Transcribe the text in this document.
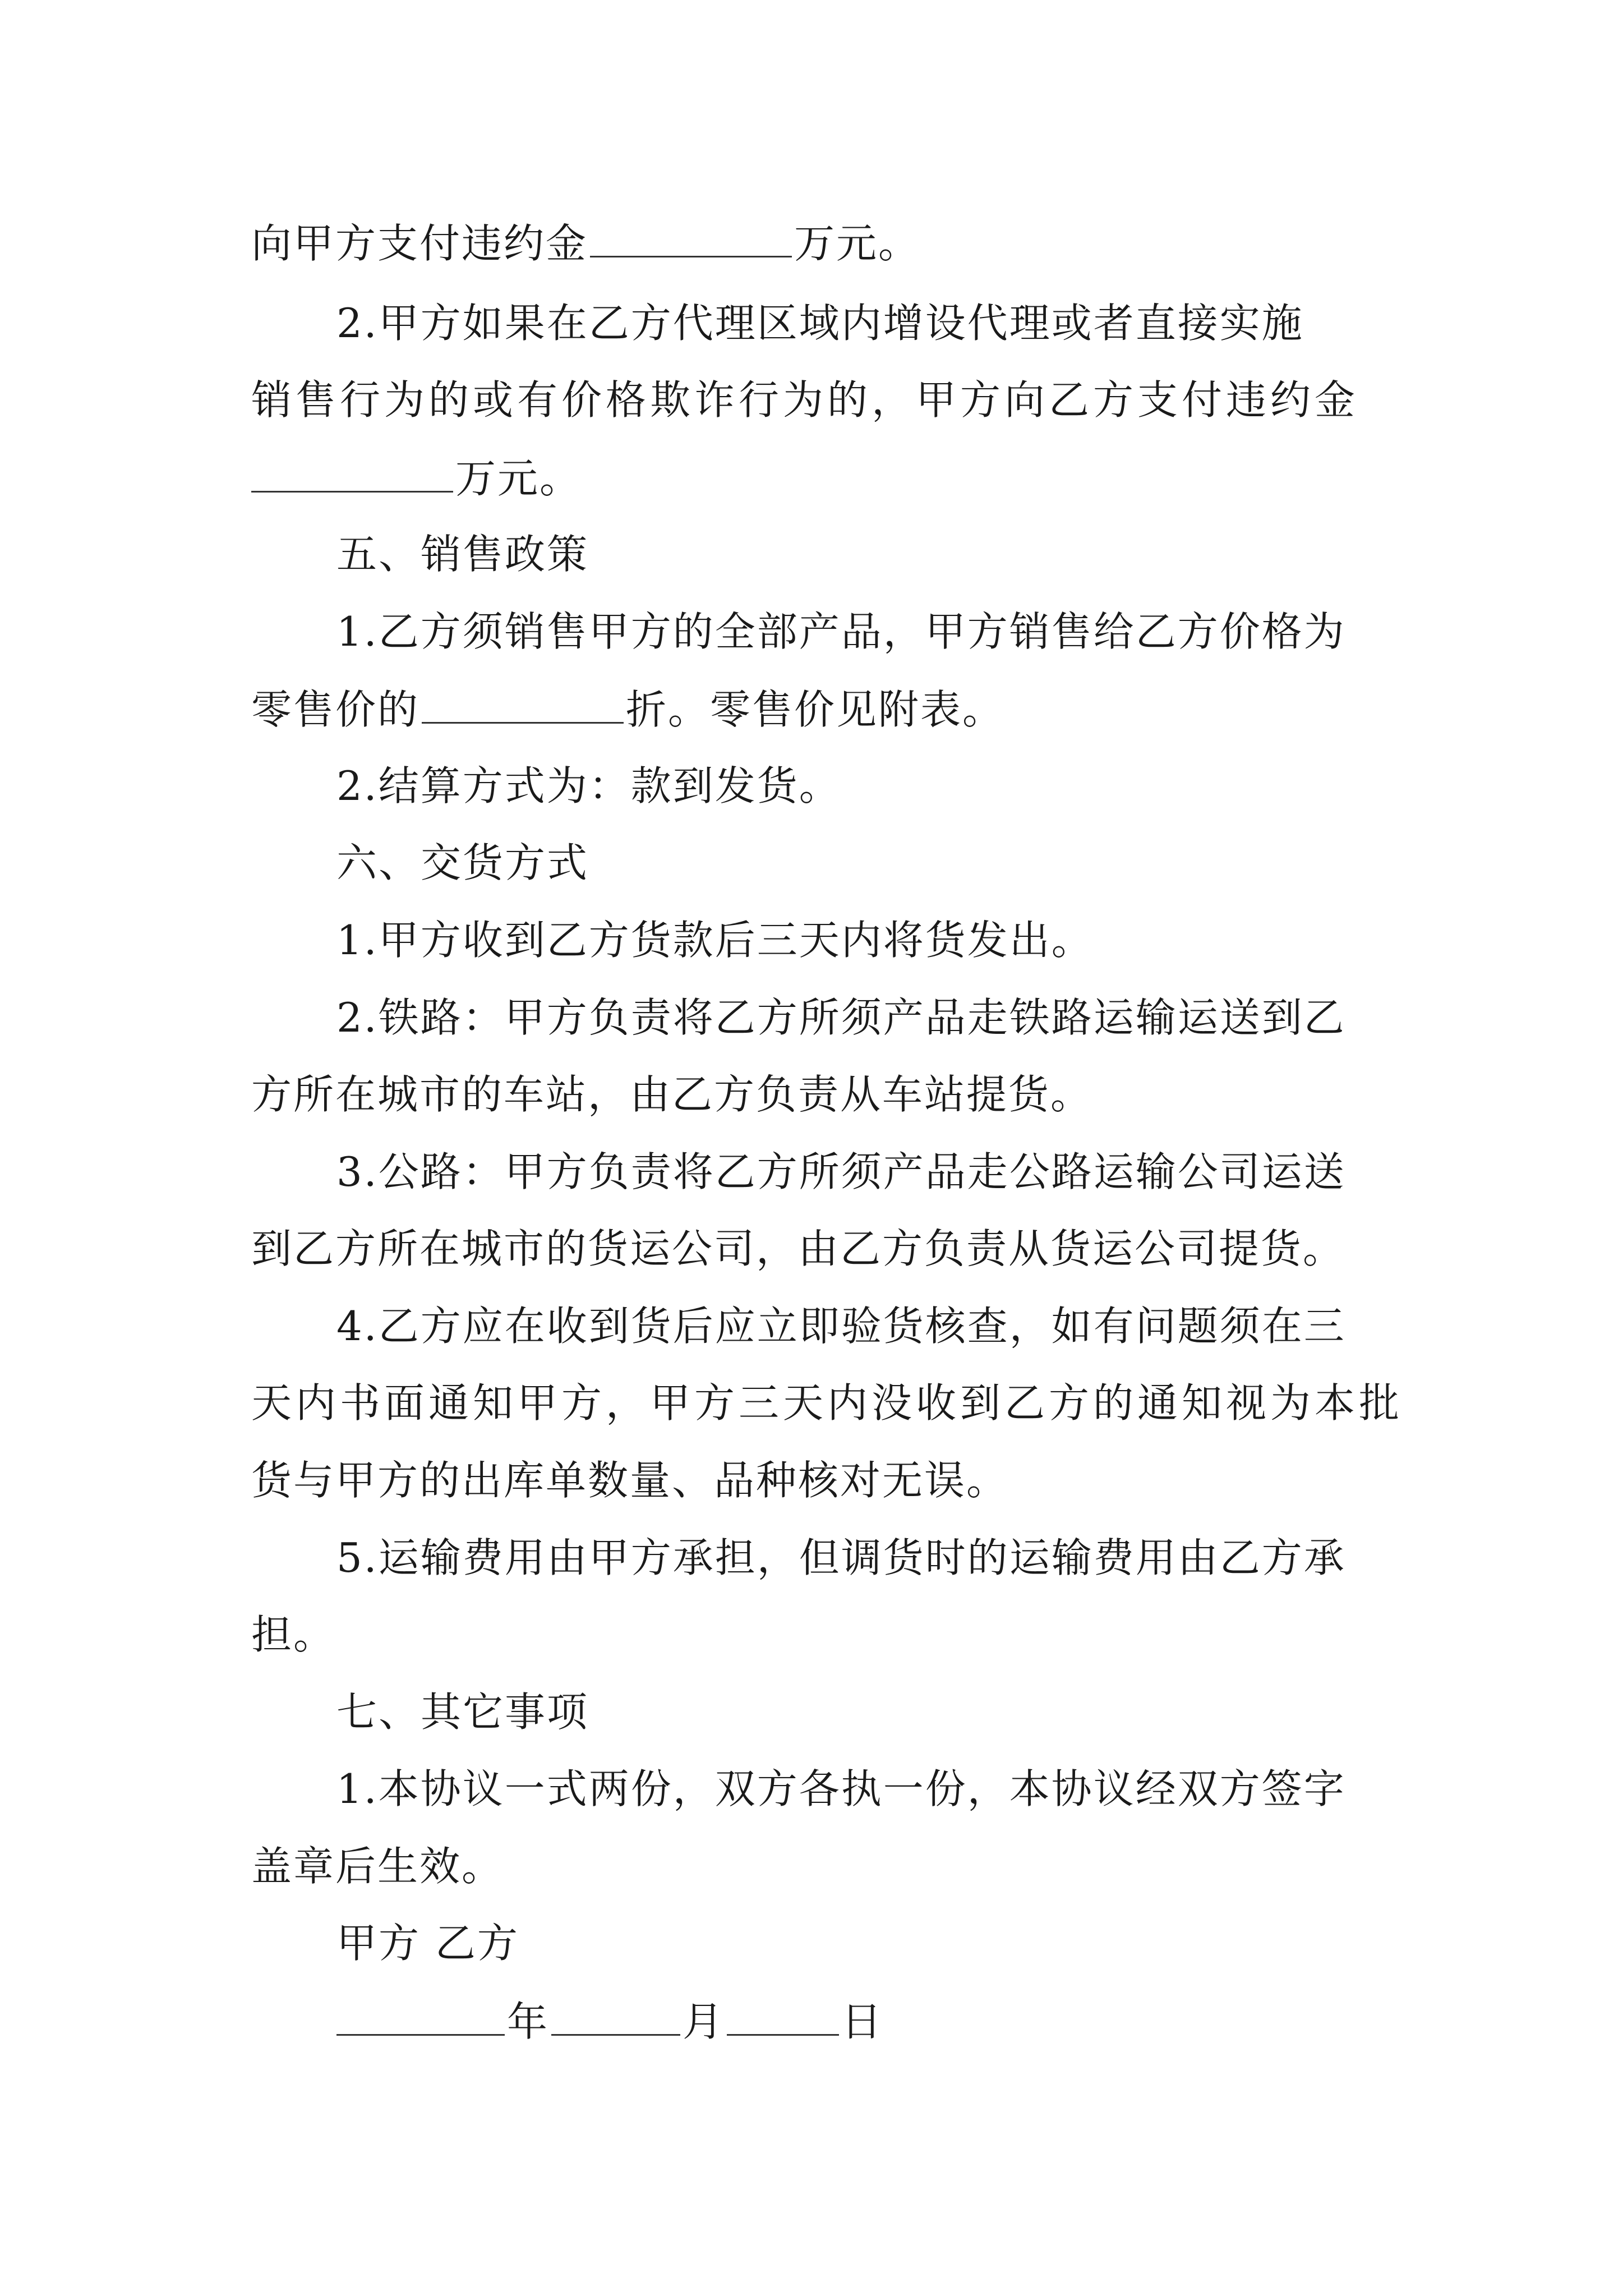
向甲方支付违约金	万元。
2.甲方如果在乙方代理区域内增设代理或者直接实施
销售行为的或有价格欺诈行为的，甲方向乙方支付违约金
万元。
五、销售政策
1.乙方须销售甲方的全部产品，甲方销售给乙方价格为
零售价的	折。零售价见附表。
2.结算方式为：款到发货。
六、交货方式
1.甲方收到乙方货款后三天内将货发出。
2.铁路：甲方负责将乙方所须产品走铁路运输运送到乙
方所在城市的车站，由乙方负责从车站提货。
3.公路：甲方负责将乙方所须产品走公路运输公司运送
到乙方所在城市的货运公司，由乙方负责从货运公司提货。
4.乙方应在收到货后应立即验货核查，如有问题须在三
天内书面通知甲方，甲方三天内没收到乙方的通知视为本批
货与甲方的出库单数量、品种核对无误。
5.运输费用由甲方承担，但调货时的运输费用由乙方承
担。
七、其它事项
1.本协议一式两份，双方各执一份，本协议经双方签字
盖章后生效。
甲方 乙方
年	月	日
